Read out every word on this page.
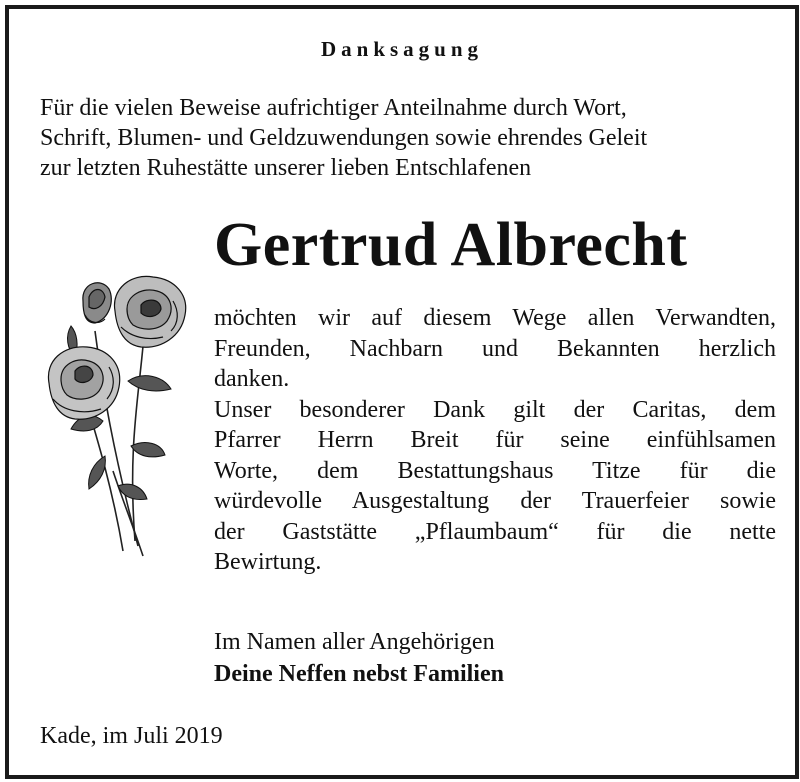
Danksagung
Für die vielen Beweise aufrichtiger Anteilnahme durch Wort,
Schrift, Blumen- und Geldzuwendungen sowie ehrendes Geleit
zur letzten Ruhestätte unserer lieben Entschlafenen
Gertrud Albrecht
möchten wir auf diesem Wege allen Verwandten,
Freunden, Nachbarn und Bekannten herzlich
danken.
Unser besonderer Dank gilt der Caritas, dem
Pfarrer Herrn Breit für seine einfühlsamen
Worte, dem Bestattungshaus Titze für die
würdevolle Ausgestaltung der Trauerfeier sowie
der Gaststätte „Pflaumbaum“ für die nette
Bewirtung.
Im Namen aller Angehörigen
Deine Neffen nebst Familien
Kade, im Juli 2019
